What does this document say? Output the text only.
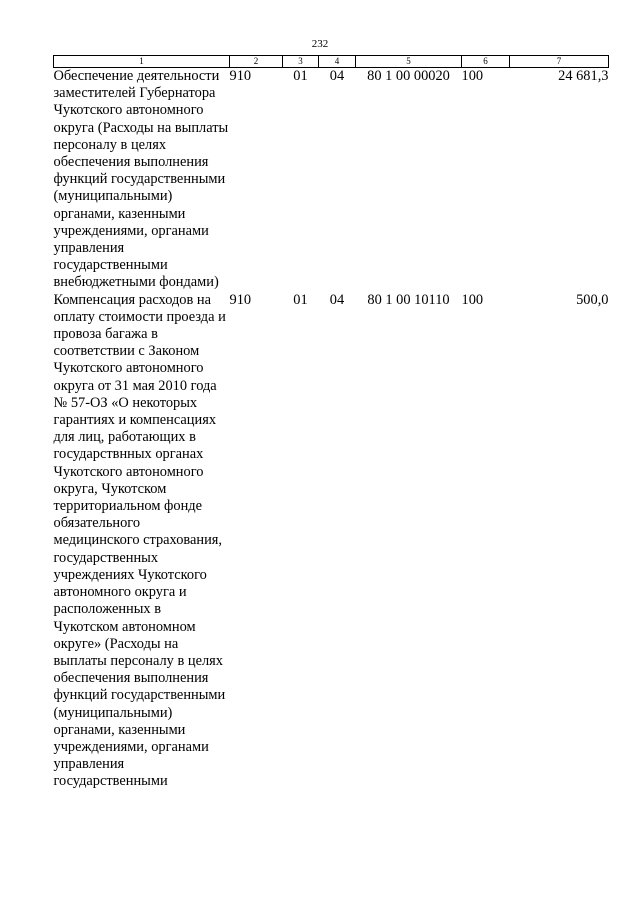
232
1	2	3	4	5	6	7
Обеспечение деятельности заместителей Губернатора Чукотского автономного округа (Расходы на выплаты персоналу в целях обеспечения выполнения функций государственными (муниципальными) органами, казенными учреждениями, органами управления государственными внебюджетными фондами)	910	01	04	80 1 00 00020	100	24 681,3
Компенсация расходов на оплату стоимости проезда и провоза багажа в соответствии с Законом Чукотского автономного округа от 31 мая 2010 года № 57-ОЗ «О некоторых гарантиях и компенсациях для лиц, работающих в государствнных органах Чукотского автономного округа, Чукотском территориальном фонде обязательного медицинского страхования, государственных учреждениях Чукотского автономного округа и расположенных в Чукотском автономном округе» (Расходы на выплаты персоналу в целях обеспечения выполнения функций государственными (муниципальными) органами, казенными учреждениями, органами управления государственными	910	01	04	80 1 00 10110	100	500,0
